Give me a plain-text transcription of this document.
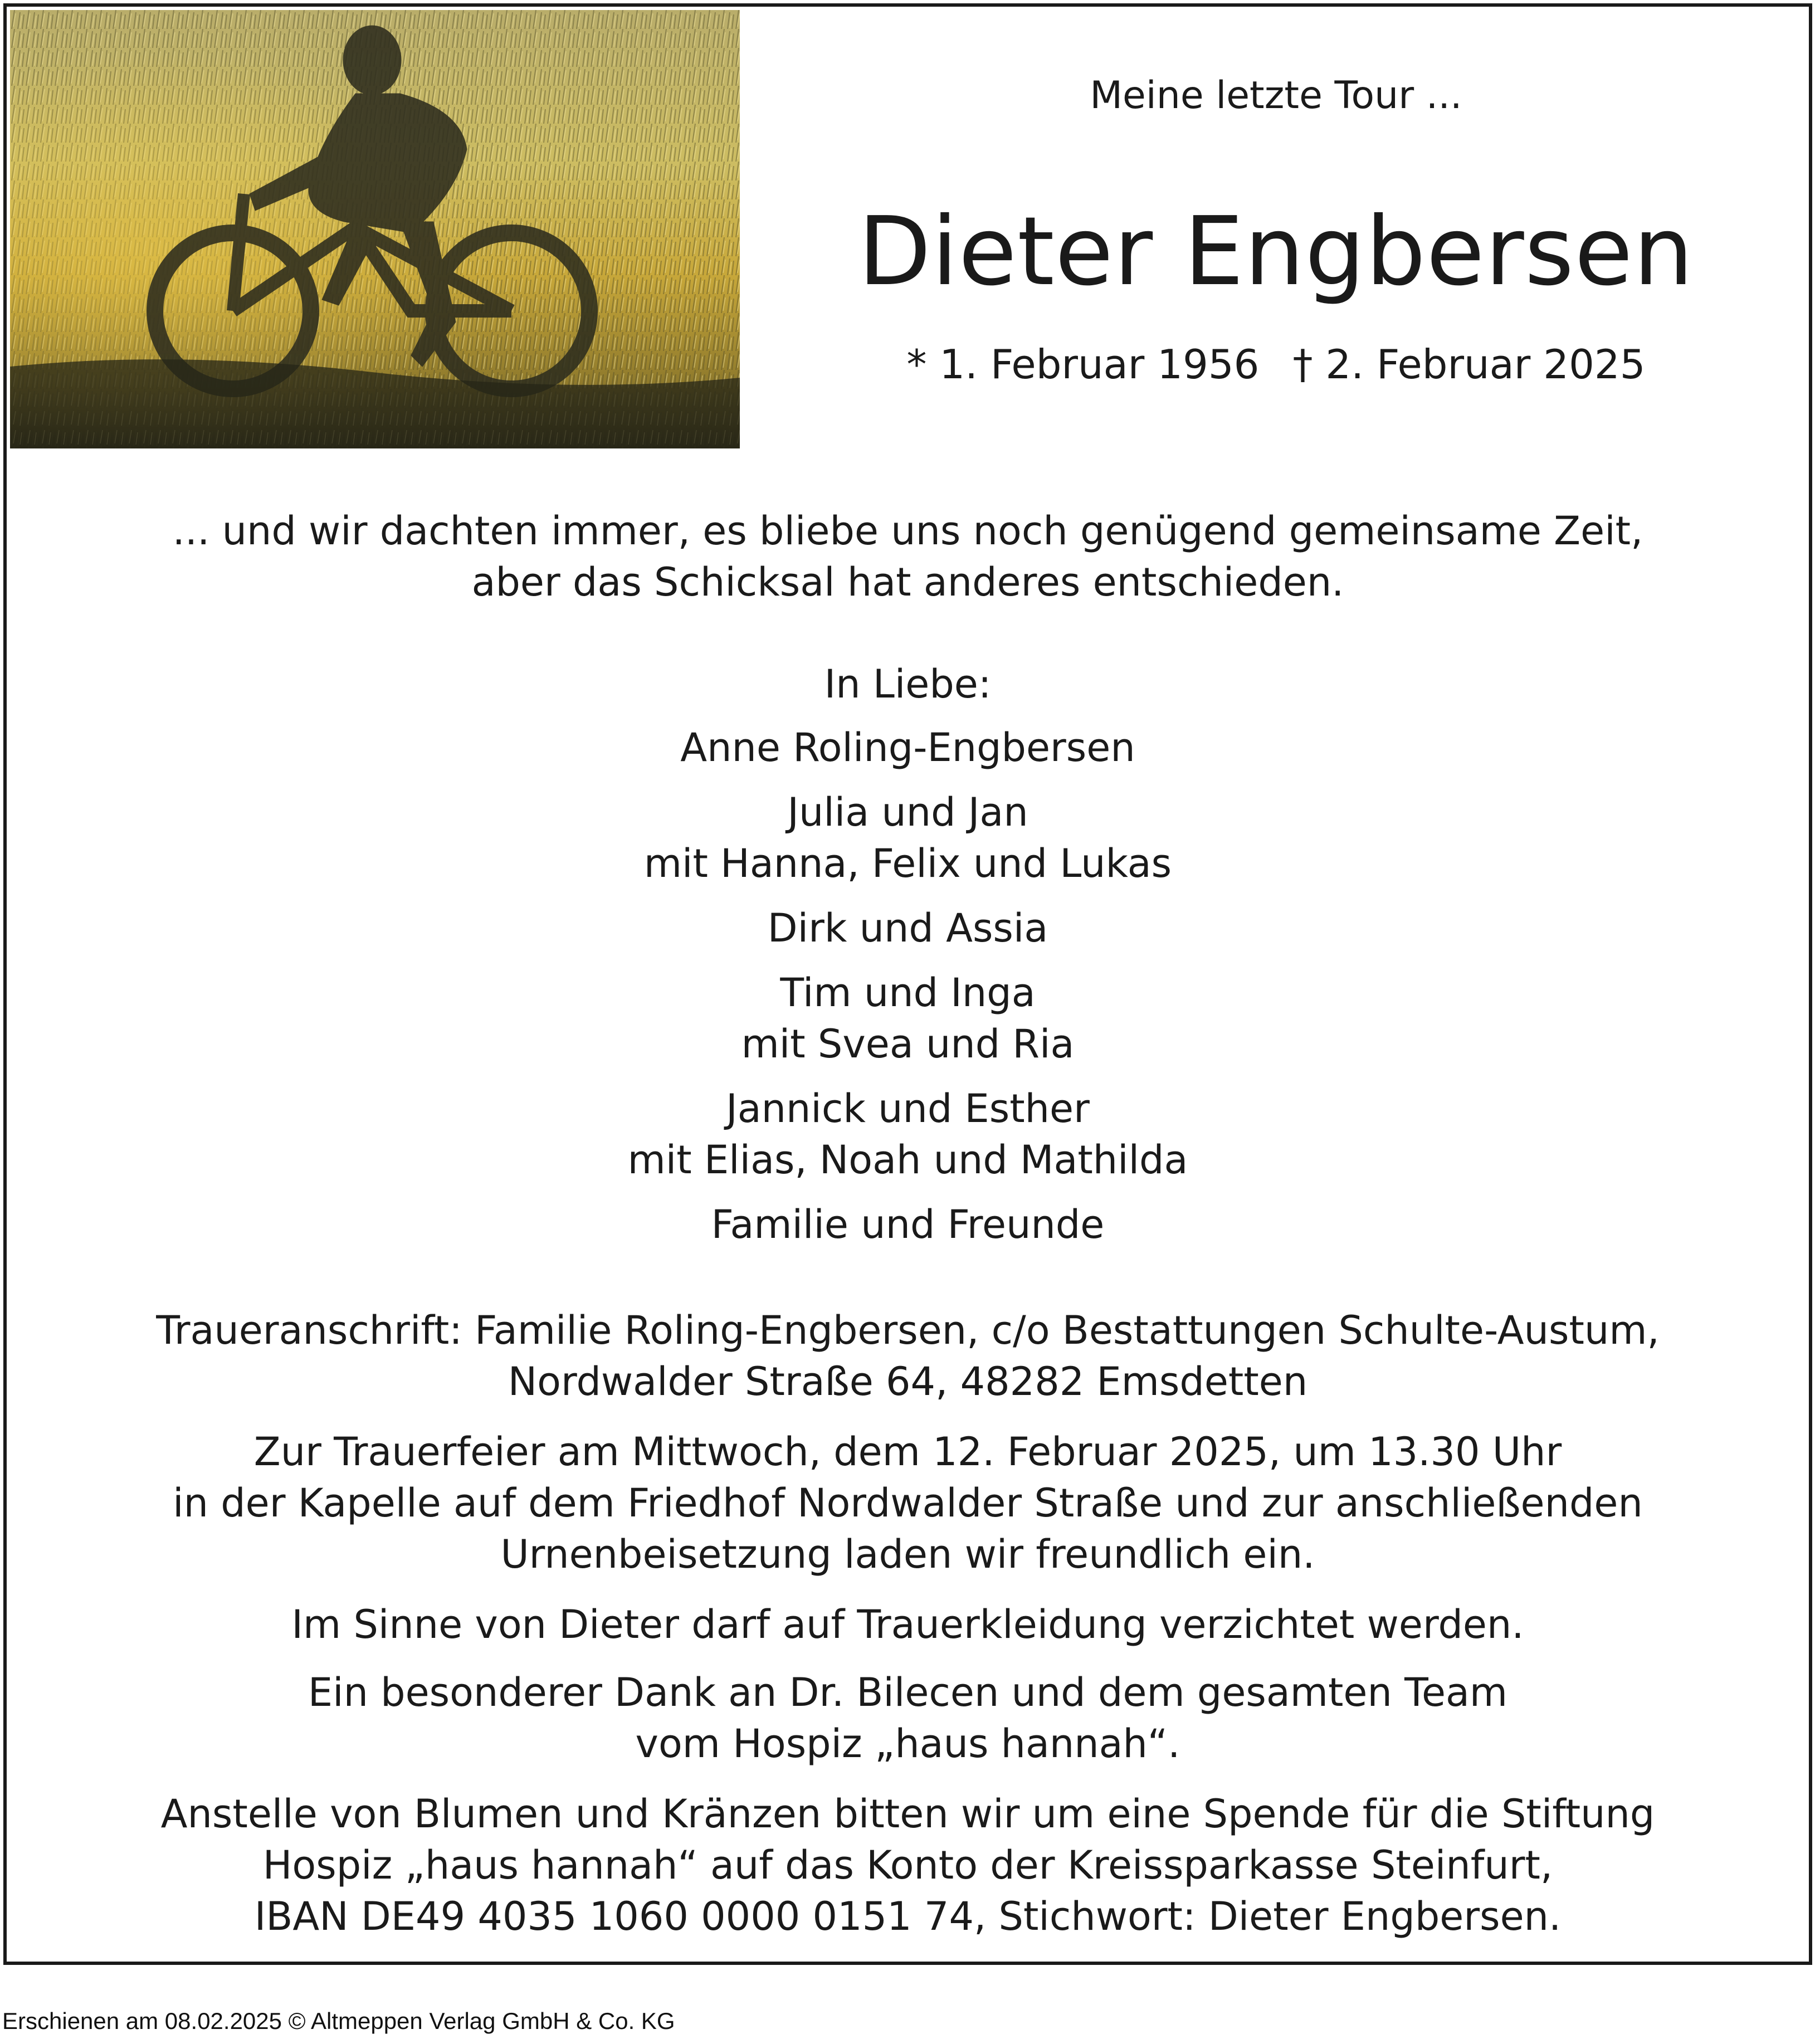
Meine letzte Tour ...

Dieter Engbersen

* 1. Februar 1956 † 2. Februar 2025

... und wir dachten immer, es bliebe uns noch genügend gemeinsame Zeit,

aber das Schicksal hat anderes entschieden.

In Liebe:

Anne Roling-Engbersen

Julia und Jan

mit Hanna, Felix und Lukas

Dirk und Assia

Tim und Inga

mit Svea und Ria

Jannick und Esther

mit Elias, Noah und Mathilda

Familie und Freunde

Traueranschrift: Familie Roling-Engbersen, c/o Bestattungen Schulte-Austum,

Nordwalder Straße 64, 48282 Emsdetten

Zur Trauerfeier am Mittwoch, dem 12. Februar 2025, um 13.30 Uhr

in der Kapelle auf dem Friedhof Nordwalder Straße und zur anschließenden

Urnenbeisetzung laden wir freundlich ein.

Im Sinne von Dieter darf auf Trauerkleidung verzichtet werden.

Ein besonderer Dank an Dr. Bilecen und dem gesamten Team

vom Hospiz „haus hannah“.

Anstelle von Blumen und Kränzen bitten wir um eine Spende für die Stiftung

Hospiz „haus hannah“ auf das Konto der Kreissparkasse Steinfurt,

IBAN DE49 4035 1060 0000 0151 74, Stichwort: Dieter Engbersen.

Erschienen am 08.02.2025 © Altmeppen Verlag GmbH & Co. KG
